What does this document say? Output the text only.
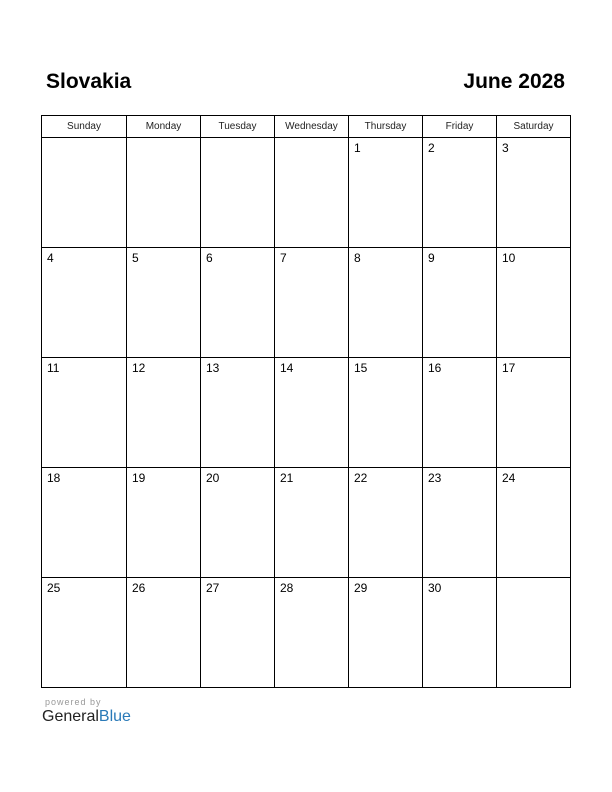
Slovakia	June 2028
Sunday	Monday	Tuesday	Wednesday	Thursday	Friday	Saturday

				1	2	3

4	5	6	7	8	9	10

11	12	13	14	15	16	17

18	19	20	21	22	23	24

25	26	27	28	29	30	

powered by
GeneralBlue
